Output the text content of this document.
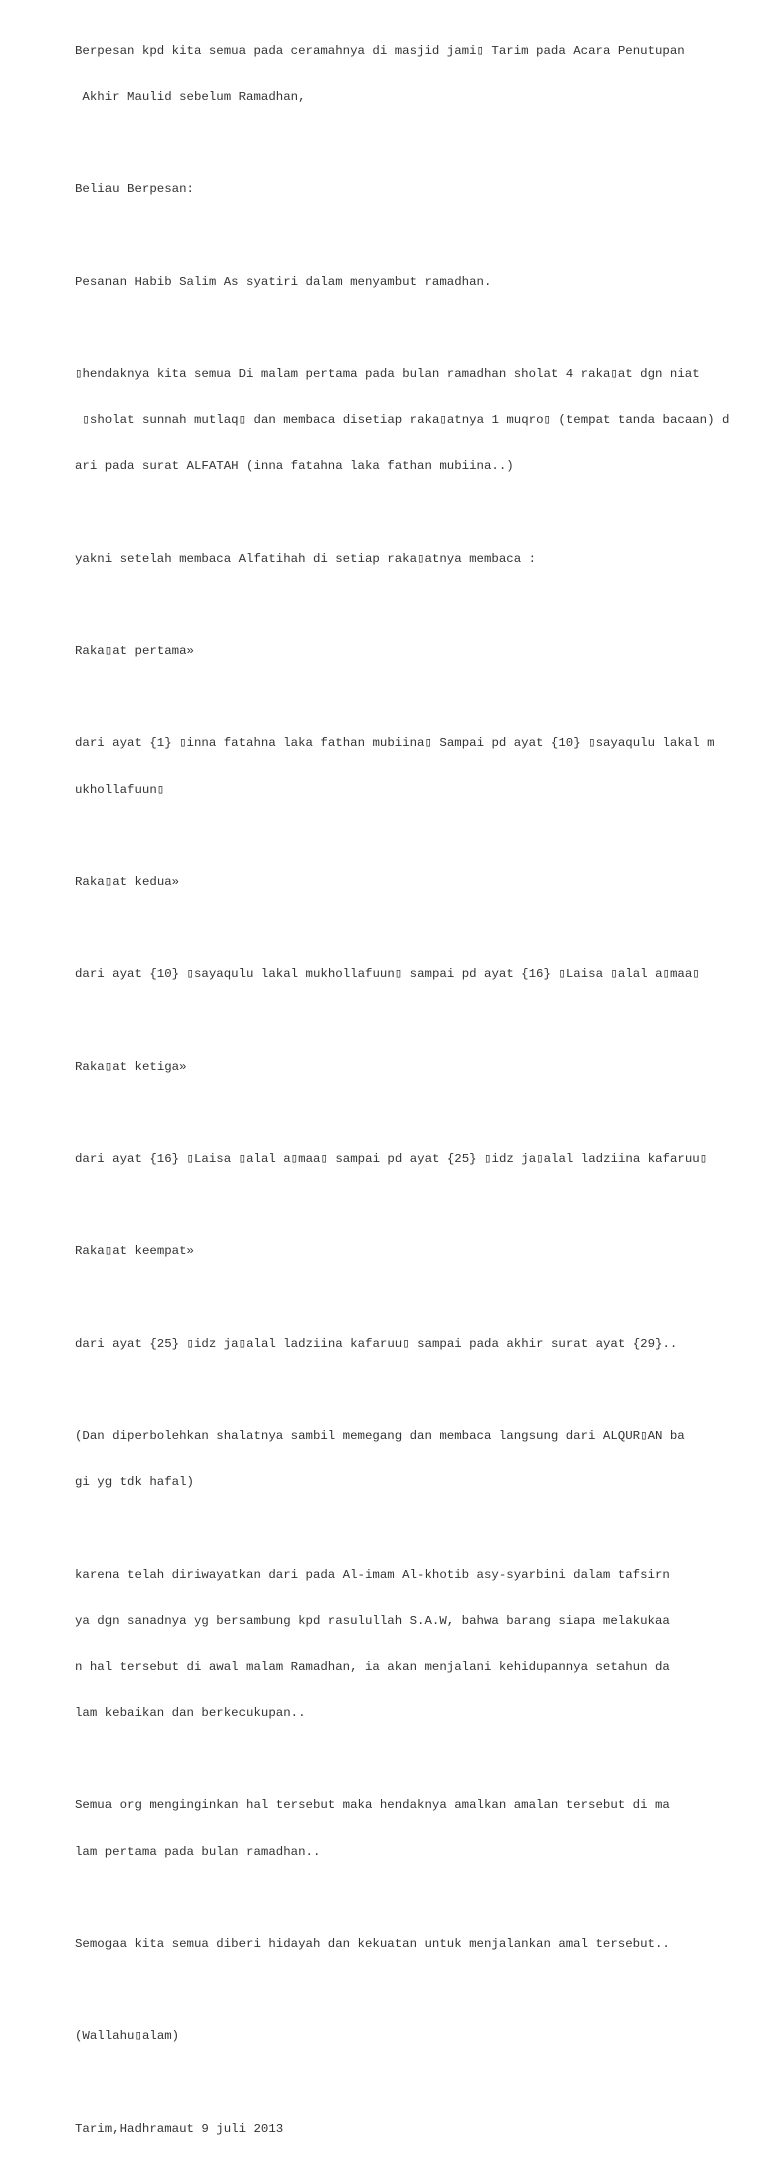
Berpesan kpd kita semua pada ceramahnya di masjid jami▯ Tarim pada Acara Penutupan

Akhir Maulid sebelum Ramadhan,

Beliau Berpesan:

Pesanan Habib Salim As syatiri dalam menyambut ramadhan.

▯hendaknya kita semua Di malam pertama pada bulan ramadhan sholat 4 raka▯at dgn niat

▯sholat sunnah mutlaq▯ dan membaca disetiap raka▯atnya 1 muqro▯ (tempat tanda bacaan) d

ari pada surat ALFATAH (inna fatahna laka fathan mubiina..)

yakni setelah membaca Alfatihah di setiap raka▯atnya membaca :

Raka▯at pertama»

dari ayat {1} ▯inna fatahna laka fathan mubiina▯ Sampai pd ayat {10} ▯sayaqulu lakal m

ukhollafuun▯

Raka▯at kedua»

dari ayat {10} ▯sayaqulu lakal mukhollafuun▯ sampai pd ayat {16} ▯Laisa ▯alal a▯maa▯

Raka▯at ketiga»

dari ayat {16} ▯Laisa ▯alal a▯maa▯ sampai pd ayat {25} ▯idz ja▯alal ladziina kafaruu▯

Raka▯at keempat»

dari ayat {25} ▯idz ja▯alal ladziina kafaruu▯ sampai pada akhir surat ayat {29}..

(Dan diperbolehkan shalatnya sambil memegang dan membaca langsung dari ALQUR▯AN ba

gi yg tdk hafal)

karena telah diriwayatkan dari pada Al-imam Al-khotib asy-syarbini dalam tafsirn

ya dgn sanadnya yg bersambung kpd rasulullah S.A.W, bahwa barang siapa melakukaa

n hal tersebut di awal malam Ramadhan, ia akan menjalani kehidupannya setahun da

lam kebaikan dan berkecukupan..

Semua org menginginkan hal tersebut maka hendaknya amalkan amalan tersebut di ma

lam pertama pada bulan ramadhan..

Semogaa kita semua diberi hidayah dan kekuatan untuk menjalankan amal tersebut..

(Wallahu▯alam)

Tarim,Hadhramaut 9 juli 2013
